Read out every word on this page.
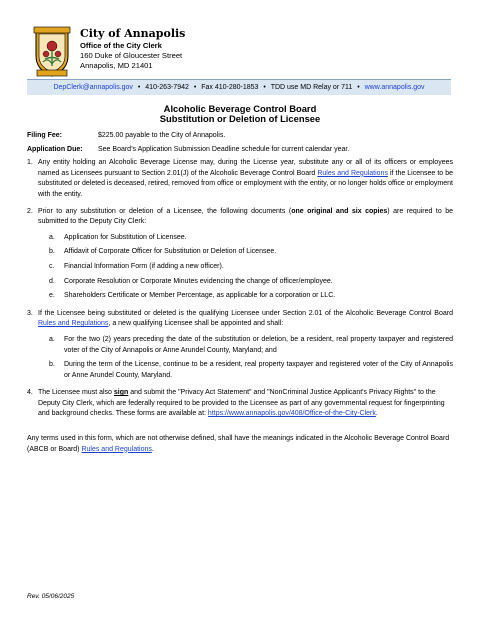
City of Annapolis
Office of the City Clerk
160 Duke of Gloucester Street
Annapolis, MD 21401
DepClerk@annapolis.gov • 410-263-7942 • Fax 410-280-1853 • TDD use MD Relay or 711 • www.annapolis.gov
Alcoholic Beverage Control Board
Substitution or Deletion of Licensee
Filing Fee:	$225.00 payable to the City of Annapolis.
Application Due:	See Board’s Application Submission Deadline schedule for current calendar year.
1. Any entity holding an Alcoholic Beverage License may, during the License year, substitute any or all of its officers or employees named as Licensees pursuant to Section 2.01(J) of the Alcoholic Beverage Control Board Rules and Regulations if the Licensee to be substituted or deleted is deceased, retired, removed from office or employment with the entity, or no longer holds office or employment with the entity.
2. Prior to any substitution or deletion of a Licensee, the following documents (one original and six copies) are required to be submitted to the Deputy City Clerk:
a.	Application for Substitution of Licensee.
b.	Affidavit of Corporate Officer for Substitution or Deletion of Licensee.
c.	Financial Information Form (if adding a new officer).
d.	Corporate Resolution or Corporate Minutes evidencing the change of officer/employee.
e.	Shareholders Certificate or Member Percentage, as applicable for a corporation or LLC.
3. If the Licensee being substituted or deleted is the qualifying Licensee under Section 2.01 of the Alcoholic Beverage Control Board Rules and Regulations, a new qualifying Licensee shall be appointed and shall:
a.	For the two (2) years preceding the date of the substitution or deletion, be a resident, real property taxpayer and registered voter of the City of Annapolis or Anne Arundel County, Maryland; and
b.	During the term of the License, continue to be a resident, real property taxpayer and registered voter of the City of Annapolis or Anne Arundel County, Maryland.
4. The Licensee must also sign and submit the "Privacy Act Statement" and "NonCriminal Justice Applicant's Privacy Rights" to the Deputy City Clerk, which are federally required to be provided to the Licensee as part of any governmental request for fingerprinting and background checks. These forms are available at: https://www.annapolis.gov/408/Office-of-the-City-Clerk.
Any terms used in this form, which are not otherwise defined, shall have the meanings indicated in the Alcoholic Beverage Control Board (ABCB or Board) Rules and Regulations.
Rev. 05/06/2025
